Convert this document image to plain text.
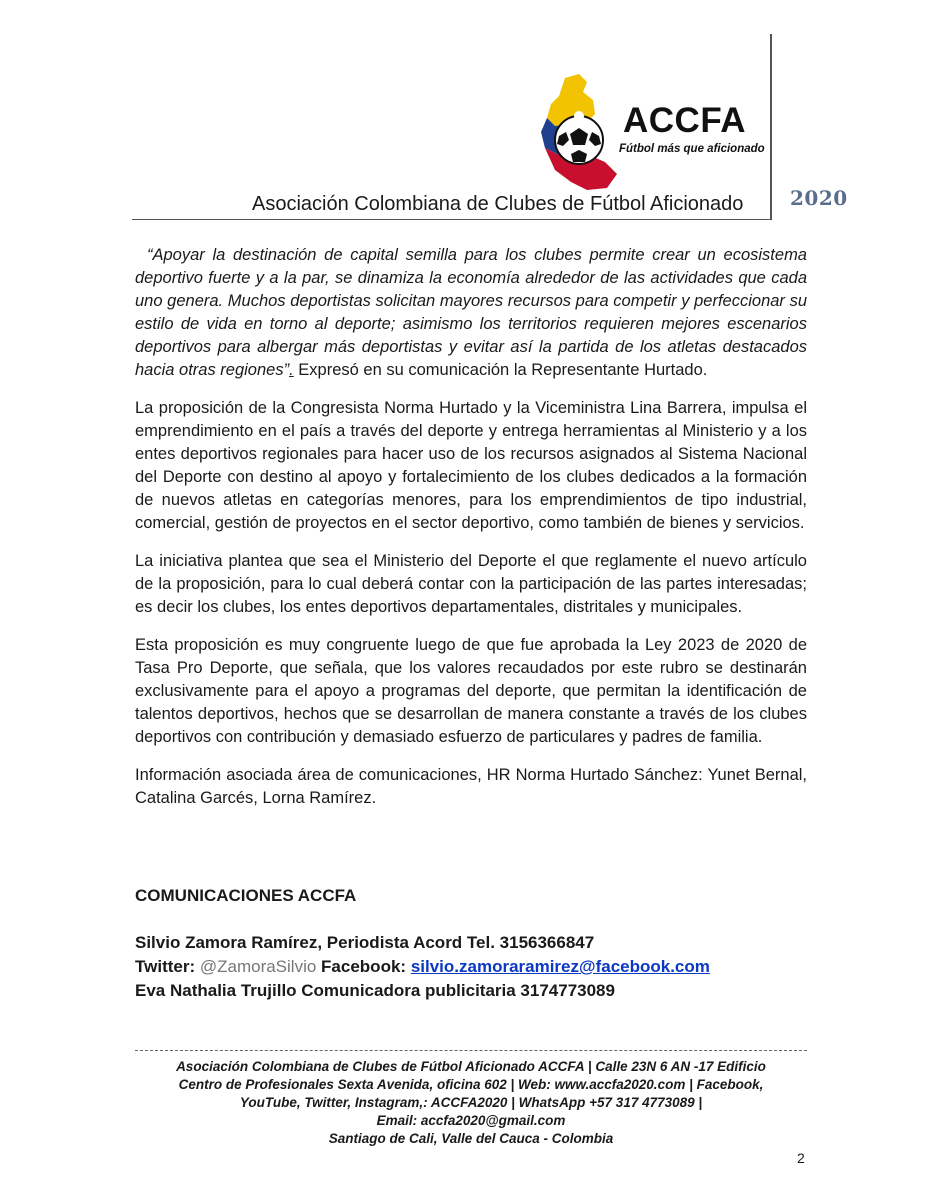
ACCFA
Fútbol más que aficionado
Asociación Colombiana de Clubes de Fútbol Aficionado 2020

“Apoyar la destinación de capital semilla para los clubes permite crear un ecosistema deportivo fuerte y a la par, se dinamiza la economía alrededor de las actividades que cada uno genera. Muchos deportistas solicitan mayores recursos para competir y perfeccionar su estilo de vida en torno al deporte; asimismo los territorios requieren mejores escenarios deportivos para albergar más deportistas y evitar así la partida de los atletas destacados hacia otras regiones”. Expresó en su comunicación la Representante Hurtado.

La proposición de la Congresista Norma Hurtado y la Viceministra Lina Barrera, impulsa el emprendimiento en el país a través del deporte y entrega herramientas al Ministerio y a los entes deportivos regionales para hacer uso de los recursos asignados al Sistema Nacional del Deporte con destino al apoyo y fortalecimiento de los clubes dedicados a la formación de nuevos atletas en categorías menores, para los emprendimientos de tipo industrial, comercial, gestión de proyectos en el sector deportivo, como también de bienes y servicios.

La iniciativa plantea que sea el Ministerio del Deporte el que reglamente el nuevo artículo de la proposición, para lo cual deberá contar con la participación de las partes interesadas; es decir los clubes, los entes deportivos departamentales, distritales y municipales.

Esta proposición es muy congruente luego de que fue aprobada la Ley 2023 de 2020 de Tasa Pro Deporte, que señala, que los valores recaudados por este rubro se destinarán exclusivamente para el apoyo a programas del deporte, que permitan la identificación de talentos deportivos, hechos que se desarrollan de manera constante a través de los clubes deportivos con contribución y demasiado esfuerzo de particulares y padres de familia.

Información asociada área de comunicaciones, HR Norma Hurtado Sánchez: Yunet Bernal, Catalina Garcés, Lorna Ramírez.

COMUNICACIONES ACCFA

Silvio Zamora Ramírez, Periodista Acord Tel. 3156366847
Twitter: @ZamoraSilvio Facebook: silvio.zamoraramirez@facebook.com
Eva Nathalia Trujillo Comunicadora publicitaria 3174773089
Asociación Colombiana de Clubes de Fútbol Aficionado ACCFA | Calle 23N 6 AN -17 Edificio
Centro de Profesionales Sexta Avenida, oficina 602 | Web: www.accfa2020.com | Facebook,
YouTube, Twitter, Instagram,: ACCFA2020 | WhatsApp +57 317 4773089 |
Email: accfa2020@gmail.com
Santiago de Cali, Valle del Cauca - Colombia
2
